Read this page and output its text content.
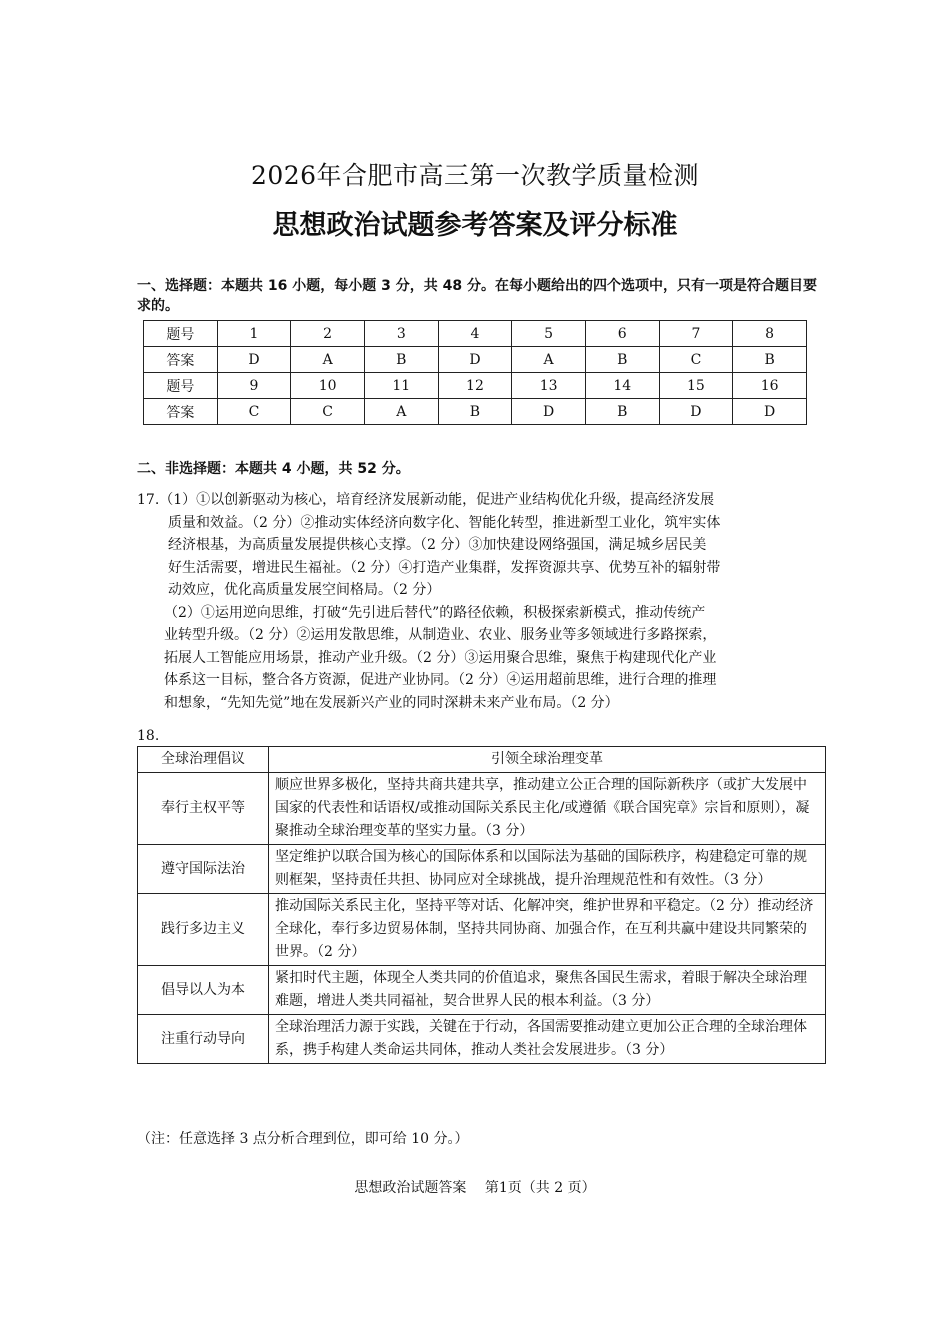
2026年合肥市高三第一次教学质量检测
思想政治试题参考答案及评分标准
一、选择题：本题共 16 小题，每小题 3 分，共 48 分。在每小题给出的四个选项中，只有一项是符合题目要求的。
题号	1	2	3	4	5	6	7	8
答案	D	A	B	D	A	B	C	B
题号	9	10	11	12	13	14	15	16
答案	C	C	A	B	D	B	D	D
二、非选择题：本题共 4 小题，共 52 分。
17.（1）①以创新驱动为核心，培育经济发展新动能，促进产业结构优化升级，提高经济发展
质量和效益。（2 分）②推动实体经济向数字化、智能化转型，推进新型工业化，筑牢实体
经济根基，为高质量发展提供核心支撑。（2 分）③加快建设网络强国，满足城乡居民美
好生活需要，增进民生福祉。（2 分）④打造产业集群，发挥资源共享、优势互补的辐射带
动效应，优化高质量发展空间格局。（2 分）
（2）①运用逆向思维，打破“先引进后替代”的路径依赖，积极探索新模式，推动传统产
业转型升级。（2 分）②运用发散思维，从制造业、农业、服务业等多领域进行多路探索，
拓展人工智能应用场景，推动产业升级。（2 分）③运用聚合思维，聚焦于构建现代化产业
体系这一目标，整合各方资源，促进产业协同。（2 分）④运用超前思维，进行合理的推理
和想象，“先知先觉”地在发展新兴产业的同时深耕未来产业布局。（2 分）
18.
全球治理倡议	引领全球治理变革
奉行主权平等	顺应世界多极化，坚持共商共建共享，推动建立公正合理的国际新秩序（或扩大发展中国家的代表性和话语权/或推动国际关系民主化/或遵循《联合国宪章》宗旨和原则），凝聚推动全球治理变革的坚实力量。（3 分）
遵守国际法治	坚定维护以联合国为核心的国际体系和以国际法为基础的国际秩序，构建稳定可靠的规则框架，坚持责任共担、协同应对全球挑战，提升治理规范性和有效性。（3 分）
践行多边主义	推动国际关系民主化，坚持平等对话、化解冲突，维护世界和平稳定。（2 分）推动经济全球化，奉行多边贸易体制，坚持共同协商、加强合作，在互利共赢中建设共同繁荣的世界。（2 分）
倡导以人为本	紧扣时代主题，体现全人类共同的价值追求，聚焦各国民生需求，着眼于解决全球治理难题，增进人类共同福祉，契合世界人民的根本利益。（3 分）
注重行动导向	全球治理活力源于实践，关键在于行动，各国需要推动建立更加公正合理的全球治理体系，携手构建人类命运共同体，推动人类社会发展进步。（3 分）
（注：任意选择 3 点分析合理到位，即可给 10 分。）
思想政治试题答案　 第1页（共 2 页）
